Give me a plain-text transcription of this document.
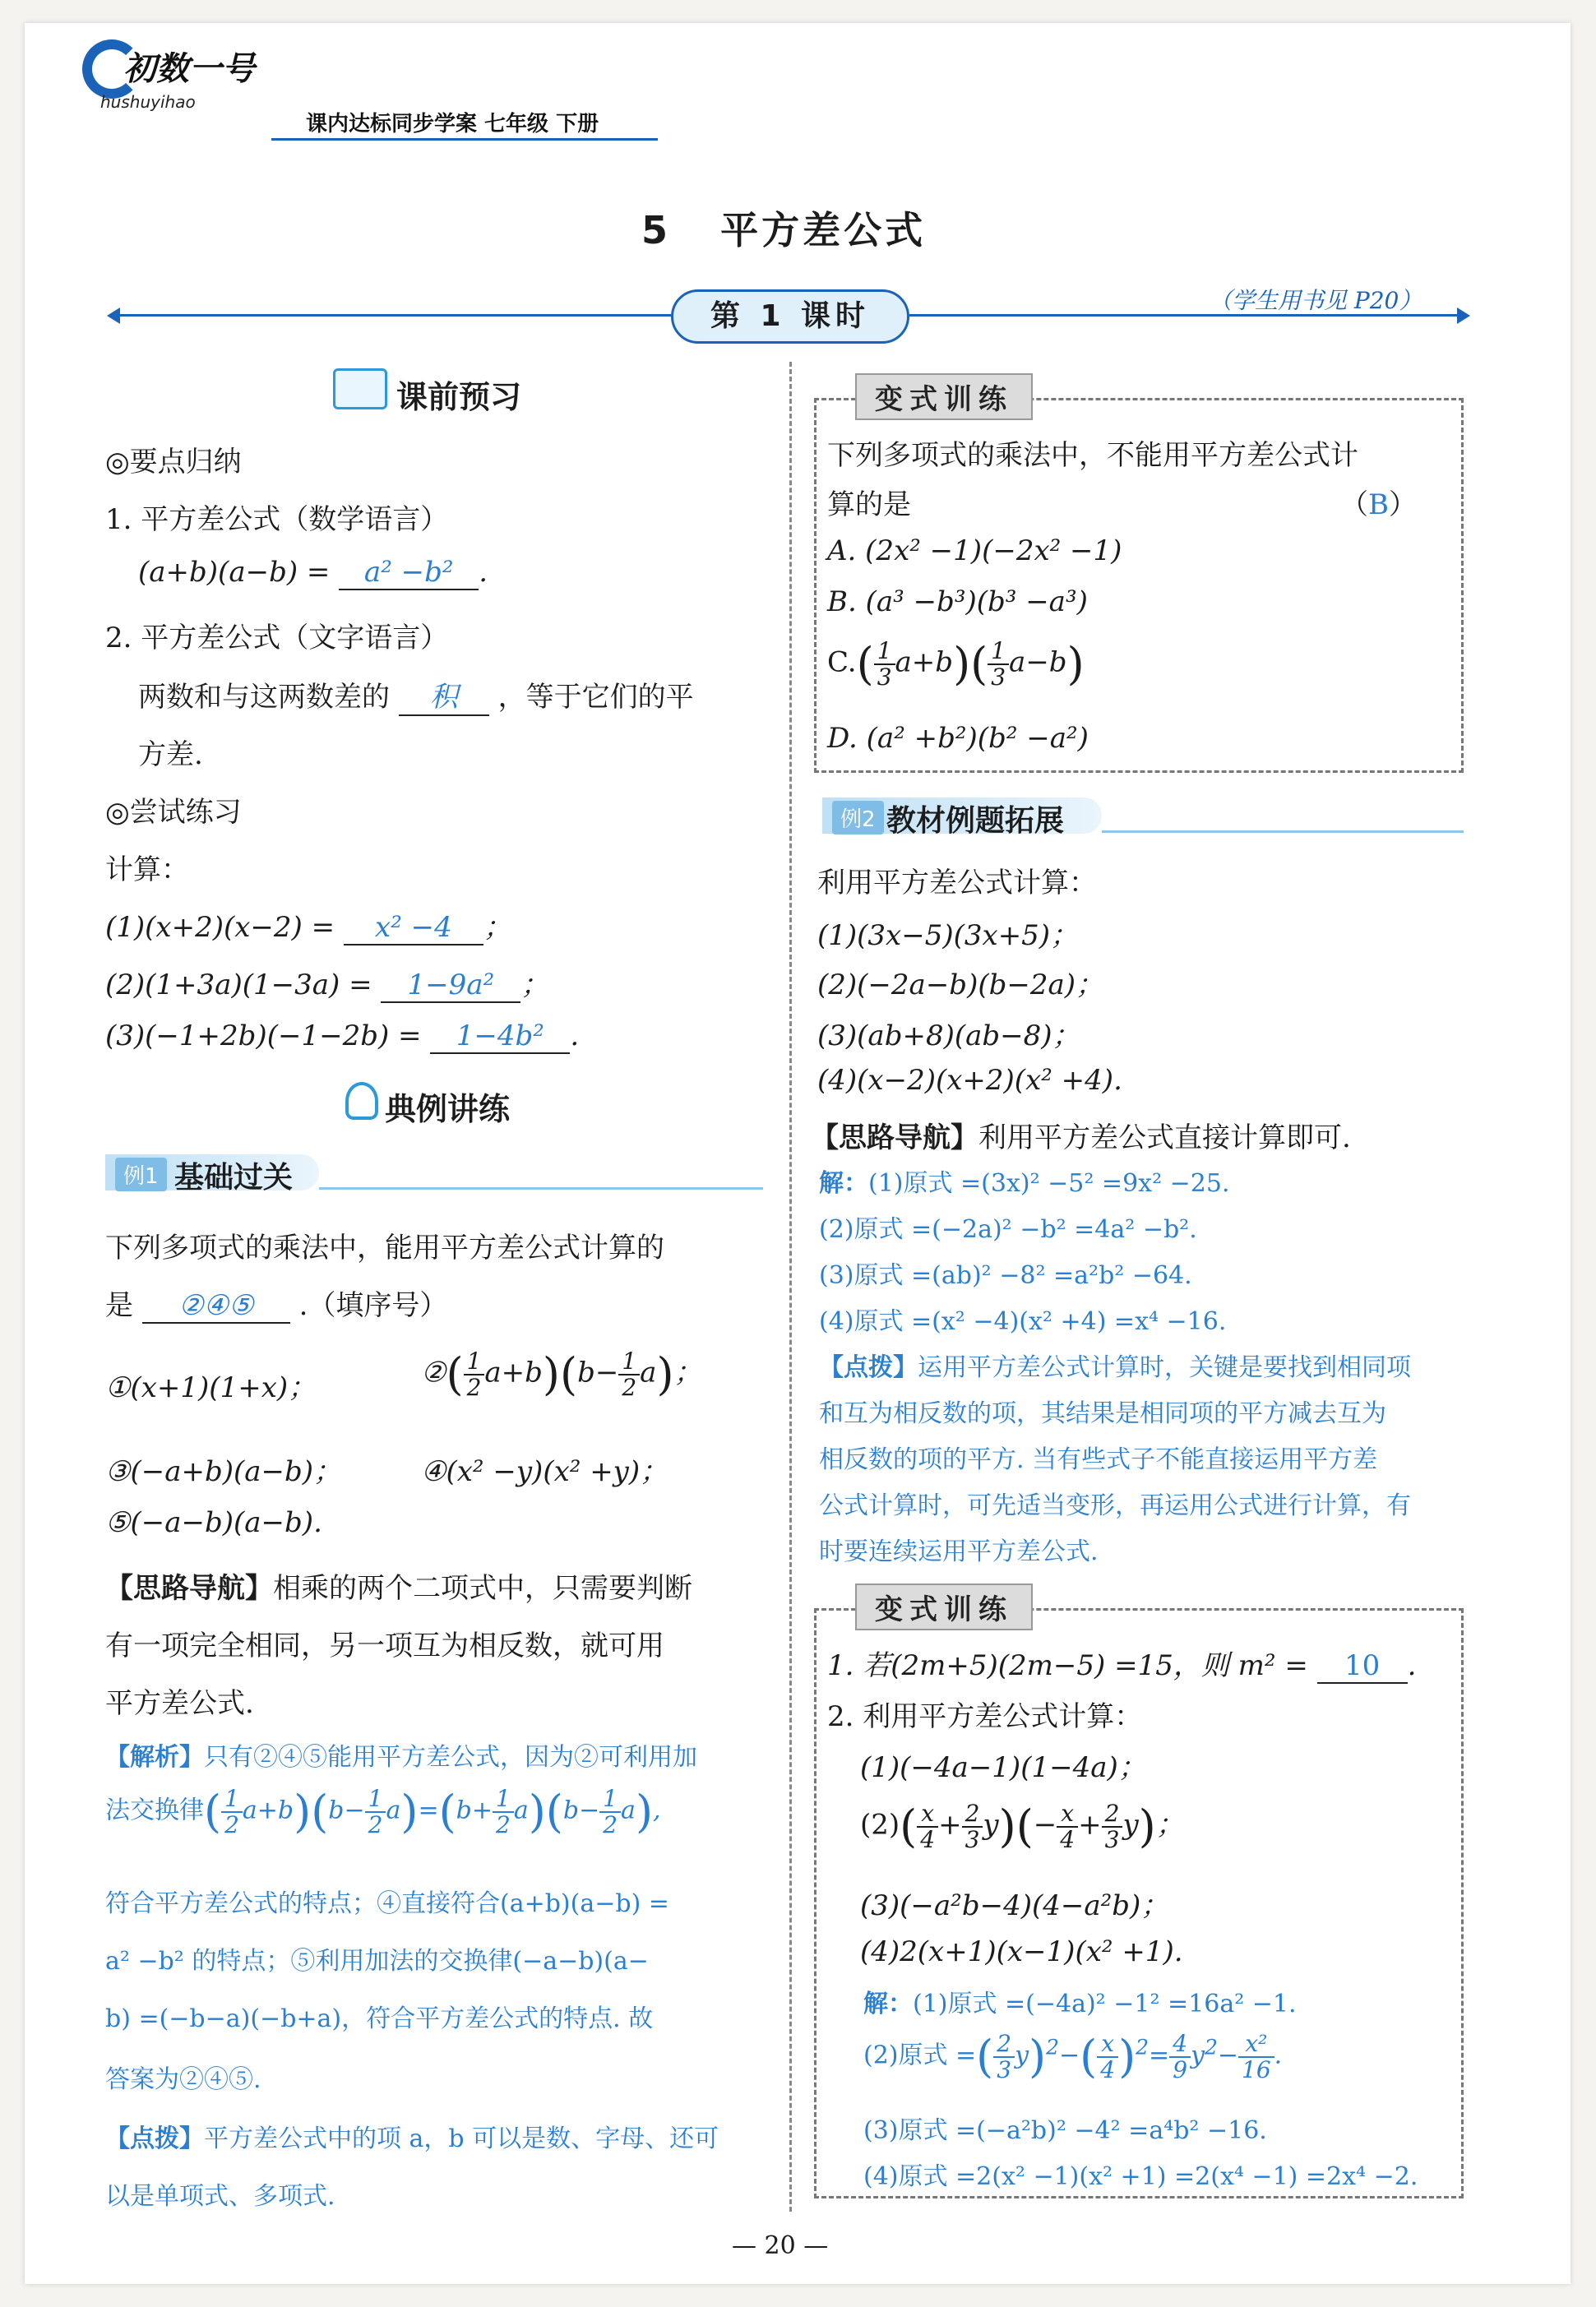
初数一号
hushuyihao
课内达标同步学案 七年级 下册
5 平方差公式
第 1 课时	（学生用书见 P20）
课前预习
◎要点归纳
1. 平方差公式（数学语言）
(a+b)(a−b) = a² −b² .
2. 平方差公式（文字语言）
两数和与这两数差的 积 ，等于它们的平
方差.
◎尝试练习
计算：
(1)(x+2)(x−2) = x² −4 ；
(2)(1+3a)(1−3a) = 1−9a² ；
(3)(−1+2b)(−1−2b) = 1−4b² .
典例讲练
例1 基础过关
下列多项式的乘法中，能用平方差公式计算的
是 ②④⑤ .（填序号）
①(x+1)(1+x)；	②( $\frac{1}{2} a+b)(b- \frac{1}{2} a)$；
③(−a+b)(a−b)；	④(x² −y)(x² +y)；
⑤(−a−b)(a−b).
【思路导航】相乘的两个二项式中，只需要判断
有一项完全相同，另一项互为相反数，就可用
平方差公式.
【解析】只有②④⑤能用平方差公式，因为②可利用加
法交换律( $\frac{1}{2} a+b)(b- \frac{1}{2} a)=(b+ \frac{1}{2} a)(b- \frac{1}{2} a)$,
符合平方差公式的特点；④直接符合(a+b)(a−b) =
a² −b² 的特点；⑤利用加法的交换律(−a−b)(a−
b) =(−b−a)(−b+a)，符合平方差公式的特点. 故
答案为②④⑤.
【点拨】平方差公式中的项 a，b 可以是数、字母、还可
以是单项式、多项式.
变式训练
下列多项式的乘法中，不能用平方差公式计
算的是	（B）
A. (2x² −1)(−2x² −1)
B. (a³ −b³)(b³ −a³)
$C.( \frac{1}{3} a+b)( \frac{1}{3} a-b)$
D. (a² +b²)(b² −a²)
例2 教材例题拓展
利用平方差公式计算：
(1)(3x−5)(3x+5)；
(2)(−2a−b)(b−2a)；
(3)(ab+8)(ab−8)；
(4)(x−2)(x+2)(x² +4).
【思路导航】利用平方差公式直接计算即可.
解：(1)原式 =(3x)² −5² =9x² −25.
(2)原式 =(−2a)² −b² =4a² −b².
(3)原式 =(ab)² −8² =a²b² −64.
(4)原式 =(x² −4)(x² +4) =x⁴ −16.
【点拨】运用平方差公式计算时，关键是要找到相同项
和互为相反数的项，其结果是相同项的平方减去互为
相反数的项的平方. 当有些式子不能直接运用平方差
公式计算时，可先适当变形，再运用公式进行计算，有
时要连续运用平方差公式.
变式训练
1. 若(2m+5)(2m−5) =15，则 m² = 10 .
2. 利用平方差公式计算：
(1)(−4a−1)(1−4a)；
$(2)( \frac{x}{4} + \frac{2}{3} y)(- \frac{x}{4} + \frac{2}{3} y)$；
(3)(−a²b−4)(4−a²b)；
(4)2(x+1)(x−1)(x² +1).
解：(1)原式 =(−4a)² −1² =16a² −1.
(2)原式 =( $\frac{2}{3} y)^2-( \frac{x}{4} )^2= \frac{4}{9} y^2- \frac{\text{x²}}{16}$ .
(3)原式 =(−a²b)² −4² =a⁴b² −16.
(4)原式 =2(x² −1)(x² +1) =2(x⁴ −1) =2x⁴ −2.
— 20 —
